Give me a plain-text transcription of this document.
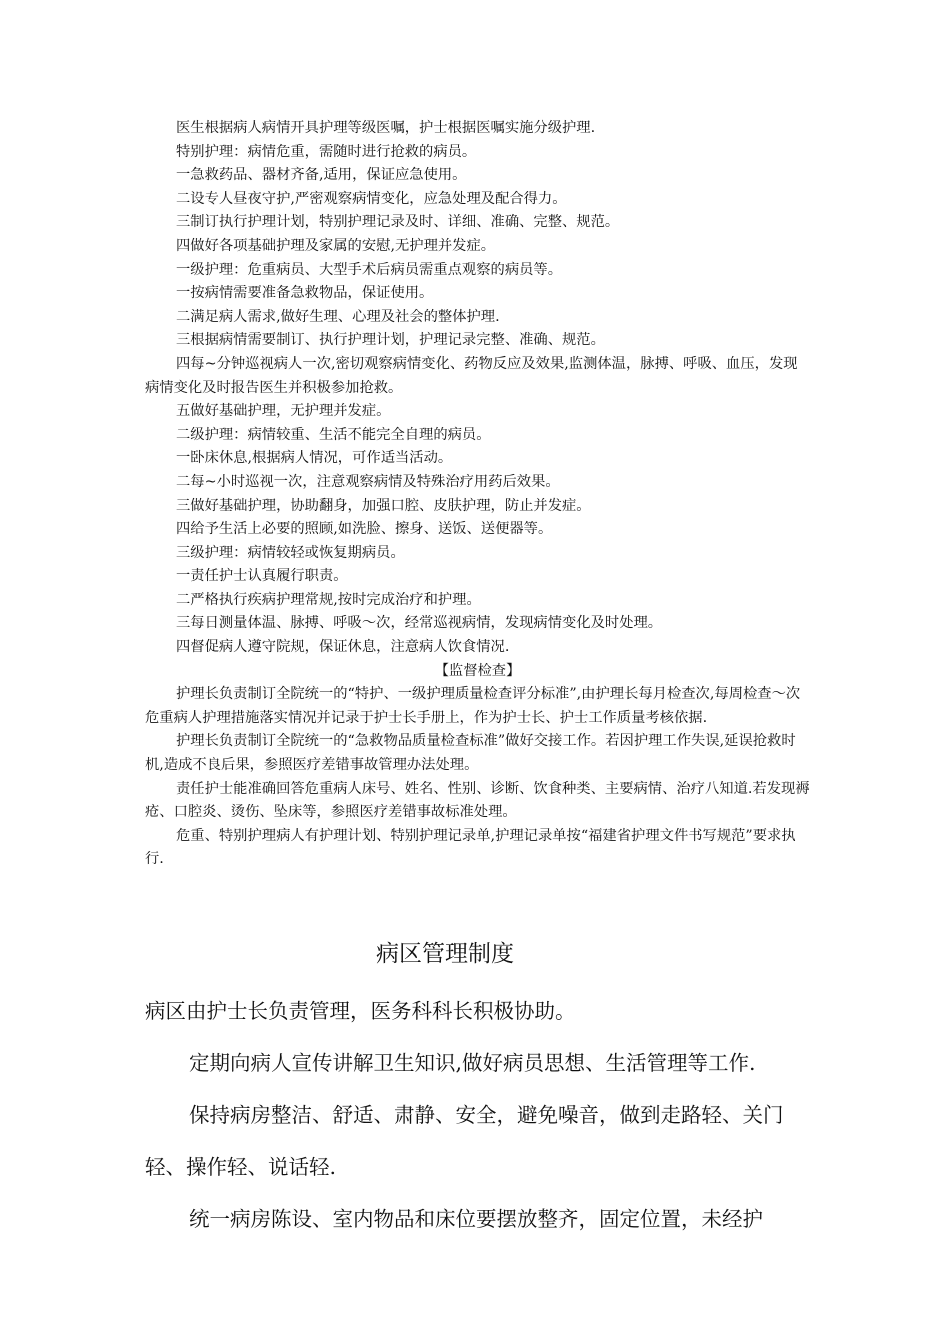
医生根据病人病情开具护理等级医嘱，护士根据医嘱实施分级护理.

特别护理：病情危重，需随时进行抢救的病员。

一急救药品、器材齐备,适用，保证应急使用。

二设专人昼夜守护,严密观察病情变化，应急处理及配合得力。

三制订执行护理计划，特别护理记录及时、详细、准确、完整、规范。

四做好各项基础护理及家属的安慰,无护理并发症。

一级护理：危重病员、大型手术后病员需重点观察的病员等。

一按病情需要准备急救物品，保证使用。

二满足病人需求,做好生理、心理及社会的整体护理.

三根据病情需要制订、执行护理计划，护理记录完整、准确、规范。

四每~分钟巡视病人一次,密切观察病情变化、药物反应及效果,监测体温，脉搏、呼吸、血压，发现病情变化及时报告医生并积极参加抢救。

五做好基础护理，无护理并发症。

二级护理：病情较重、生活不能完全自理的病员。

一卧床休息,根据病人情况，可作适当活动。

二每~小时巡视一次，注意观察病情及特殊治疗用药后效果。

三做好基础护理，协助翻身，加强口腔、皮肤护理，防止并发症。

四给予生活上必要的照顾,如洗脸、擦身、送饭、送便器等。

三级护理：病情较轻或恢复期病员。

一责任护士认真履行职责。

二严格执行疾病护理常规,按时完成治疗和护理。

三每日测量体温、脉搏、呼吸～次，经常巡视病情，发现病情变化及时处理。

四督促病人遵守院规，保证休息，注意病人饮食情况.

【监督检查】

护理长负责制订全院统一的“特护、一级护理质量检查评分标准”,由护理长每月检查次,每周检查～次危重病人护理措施落实情况并记录于护士长手册上，作为护士长、护士工作质量考核依据.

护理长负责制订全院统一的“急救物品质量检查标准”做好交接工作。若因护理工作失误,延误抢救时机,造成不良后果，参照医疗差错事故管理办法处理。

责任护士能准确回答危重病人床号、姓名、性别、诊断、饮食种类、主要病情、治疗八知道.若发现褥疮、口腔炎、烫伤、坠床等，参照医疗差错事故标准处理。

危重、特别护理病人有护理计划、特别护理记录单,护理记录单按“福建省护理文件书写规范”要求执行.

病区管理制度

病区由护士长负责管理，医务科科长积极协助。

定期向病人宣传讲解卫生知识,做好病员思想、生活管理等工作.

保持病房整洁、舒适、肃静、安全，避免噪音，做到走路轻、关门轻、操作轻、说话轻.

统一病房陈设、室内物品和床位要摆放整齐，固定位置，未经护
